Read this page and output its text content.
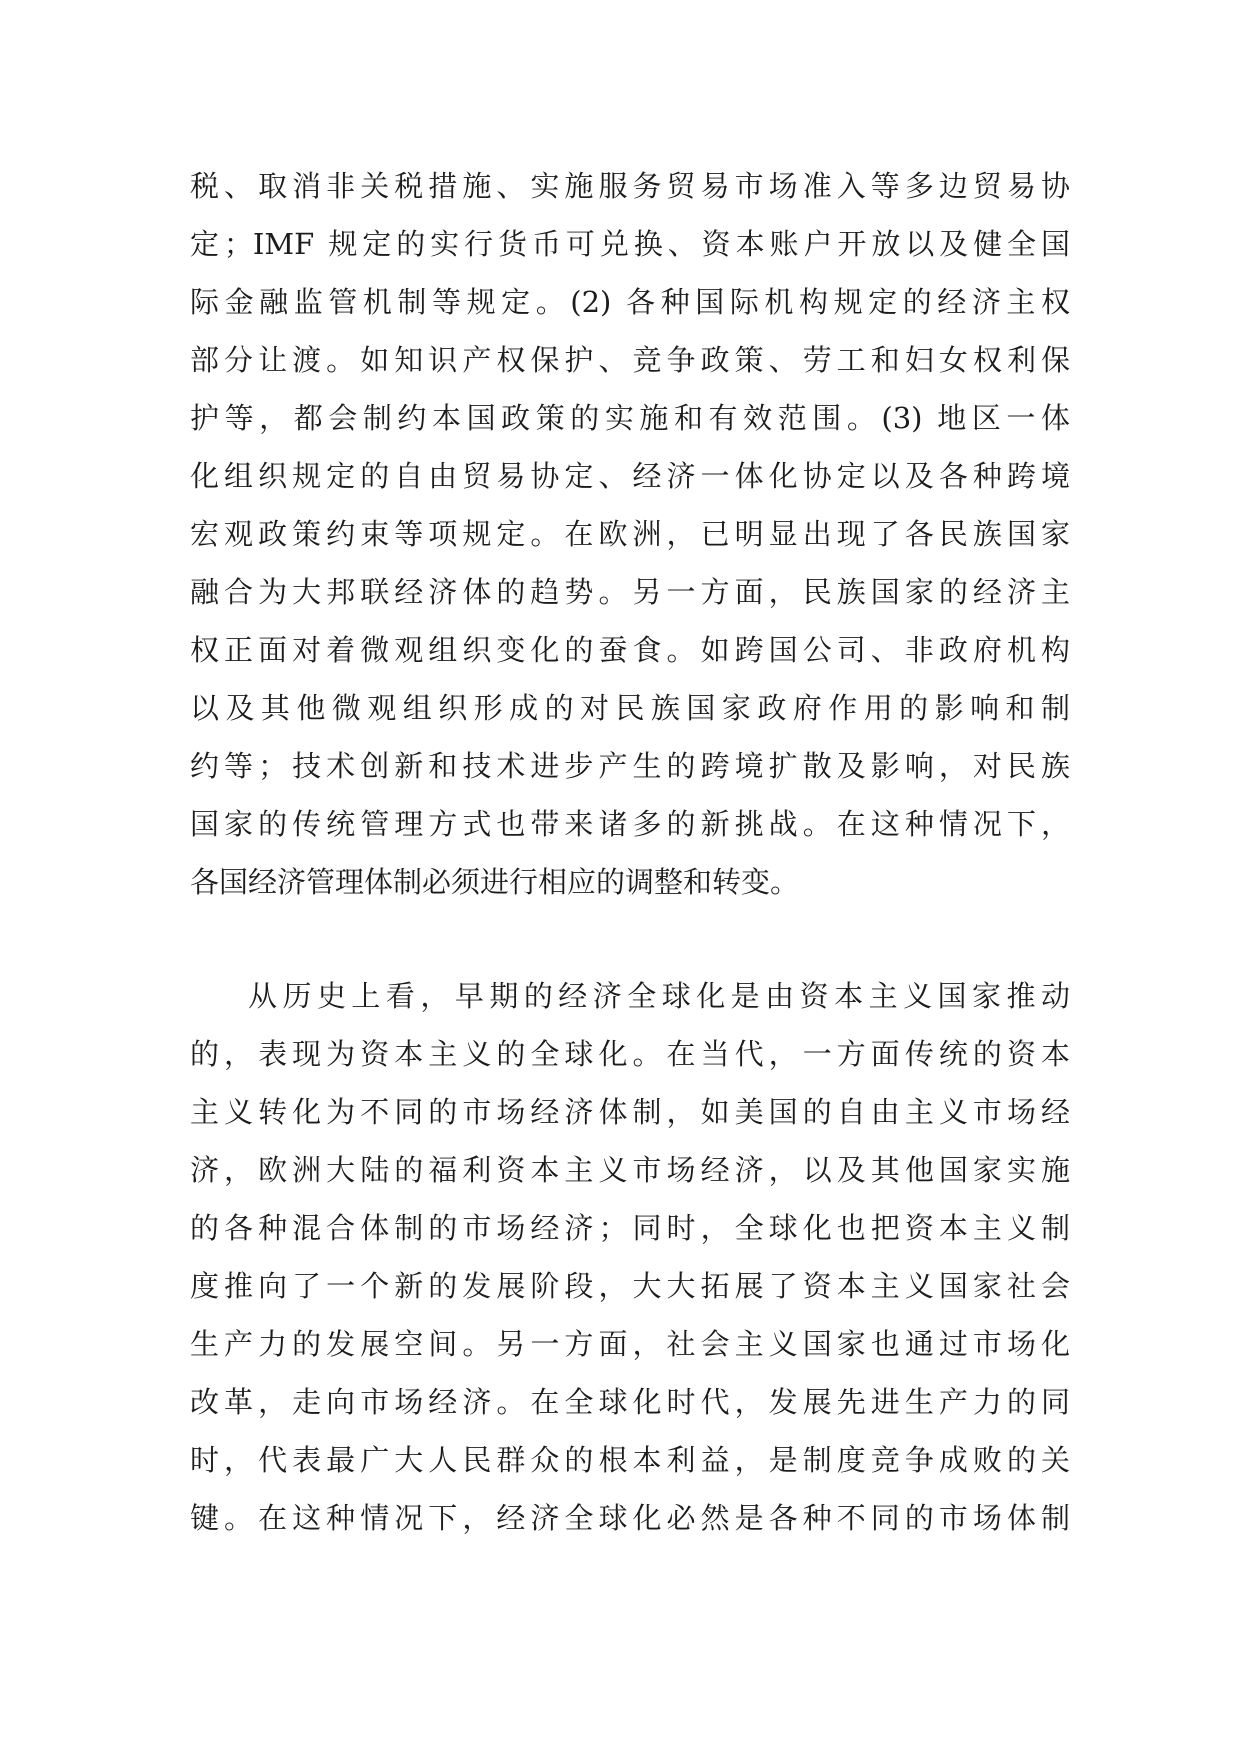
税、取消非关税措施、实施服务贸易市场准入等多边贸易协
定；IMF 规定的实行货币可兑换、资本账户开放以及健全国
际金融监管机制等规定。(2) 各种国际机构规定的经济主权
部分让渡。如知识产权保护、竞争政策、劳工和妇女权利保
护等，都会制约本国政策的实施和有效范围。(3) 地区一体
化组织规定的自由贸易协定、经济一体化协定以及各种跨境
宏观政策约束等项规定。在欧洲，已明显出现了各民族国家
融合为大邦联经济体的趋势。另一方面，民族国家的经济主
权正面对着微观组织变化的蚕食。如跨国公司、非政府机构
以及其他微观组织形成的对民族国家政府作用的影响和制
约等；技术创新和技术进步产生的跨境扩散及影响，对民族
国家的传统管理方式也带来诸多的新挑战。在这种情况下，
各国经济管理体制必须进行相应的调整和转变。
从历史上看，早期的经济全球化是由资本主义国家推动
的，表现为资本主义的全球化。在当代，一方面传统的资本
主义转化为不同的市场经济体制，如美国的自由主义市场经
济，欧洲大陆的福利资本主义市场经济，以及其他国家实施
的各种混合体制的市场经济；同时，全球化也把资本主义制
度推向了一个新的发展阶段，大大拓展了资本主义国家社会
生产力的发展空间。另一方面，社会主义国家也通过市场化
改革，走向市场经济。在全球化时代，发展先进生产力的同
时，代表最广大人民群众的根本利益，是制度竞争成败的关
键。在这种情况下，经济全球化必然是各种不同的市场体制
